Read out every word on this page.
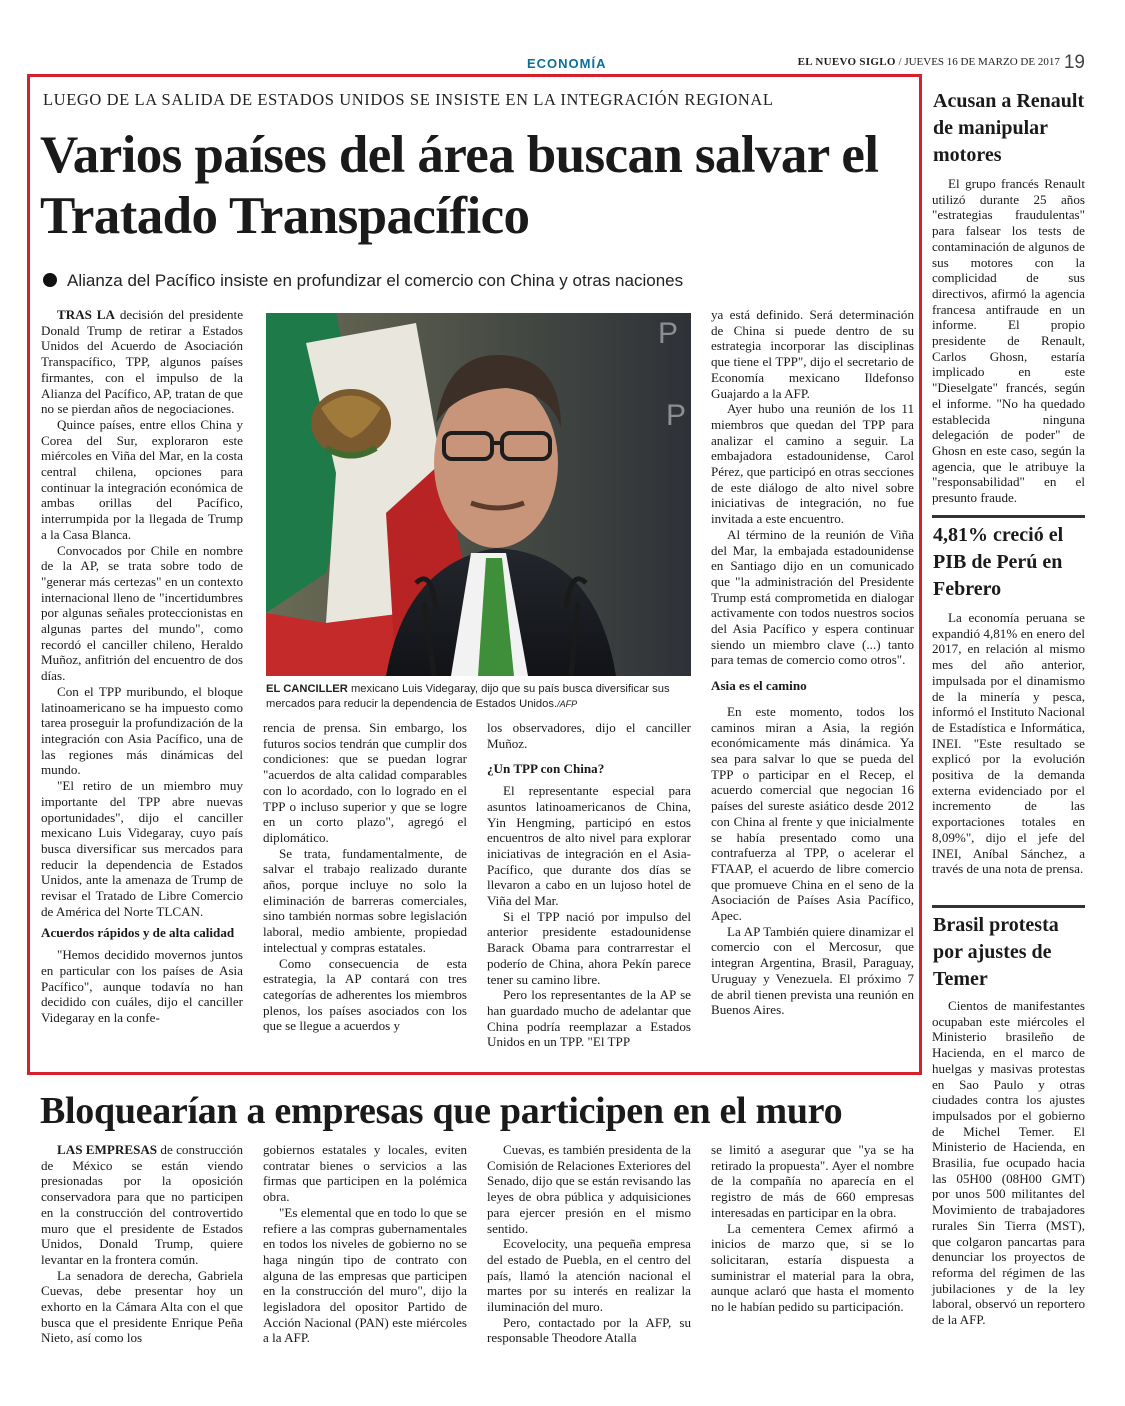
ECONOMÍA	EL NUEVO SIGLO / JUEVES 16 DE MARZO DE 2017 19
LUEGO DE LA SALIDA DE ESTADOS UNIDOS SE INSISTE EN LA INTEGRACIÓN REGIONAL
Varios países del área buscan salvar el Tratado Transpacífico
Alianza del Pacífico insiste en profundizar el comercio con China y otras naciones

TRAS LA decisión del presidente Donald Trump de retirar a Estados Unidos del Acuerdo de Asociación Transpacífico, TPP, algunos países firmantes, con el impulso de la Alianza del Pacífico, AP, tratan de que no se pierdan años de negociaciones.

Quince países, entre ellos China y Corea del Sur, exploraron este miércoles en Viña del Mar, en la costa central chilena, opciones para continuar la integración económica de ambas orillas del Pacífico, interrumpida por la llegada de Trump a la Casa Blanca.

Convocados por Chile en nombre de la AP, se trata sobre todo de "generar más certezas" en un contexto internacional lleno de "incertidumbres por algunas señales proteccionistas en algunas partes del mundo", como recordó el canciller chileno, Heraldo Muñoz, anfitrión del encuentro de dos días.

Con el TPP muribundo, el bloque latinoamericano se ha impuesto como tarea proseguir la profundización de la integración con Asia Pacífico, una de las regiones más dinámicas del mundo.

"El retiro de un miembro muy importante del TPP abre nuevas oportunidades", dijo el canciller mexicano Luis Videgaray, cuyo país busca diversificar sus mercados para reducir la dependencia de Estados Unidos, ante la amenaza de Trump de revisar el Tratado de Libre Comercio de América del Norte TLCAN.

Acuerdos rápidos y de alta calidad

"Hemos decidido movernos juntos en particular con los países de Asia Pacífico", aunque todavía no han decidido con cuáles, dijo el canciller Videgaray en la confe-

P
P
EL CANCILLER mexicano Luis Videgaray, dijo que su país busca diversificar sus mercados para reducir la dependencia de Estados Unidos./AFP

rencia de prensa. Sin embargo, los futuros socios tendrán que cumplir dos condiciones: que se puedan lograr "acuerdos de alta calidad comparables con lo acordado, con lo logrado en el TPP o incluso superior y que se logre en un corto plazo", agregó el diplomático.

Se trata, fundamentalmente, de salvar el trabajo realizado durante años, porque incluye no solo la eliminación de barreras comerciales, sino también normas sobre legislación laboral, medio ambiente, propiedad intelectual y compras estatales.

Como consecuencia de esta estrategia, la AP contará con tres categorías de adherentes los miembros plenos, los países asociados con los que se llegue a acuerdos y

los observadores, dijo el canciller Muñoz.

¿Un TPP con China?

El representante especial para asuntos latinoamericanos de China, Yin Hengming, participó en estos encuentros de alto nivel para explorar iniciativas de integración en el Asia-Pacífico, que durante dos días se llevaron a cabo en un lujoso hotel de Viña del Mar.

Si el TPP nació por impulso del anterior presidente estadounidense Barack Obama para contrarrestar el poderío de China, ahora Pekín parece tener su camino libre.

Pero los representantes de la AP se han guardado mucho de adelantar que China podría reemplazar a Estados Unidos en un TPP. "El TPP

ya está definido. Será determinación de China si puede dentro de su estrategia incorporar las disciplinas que tiene el TPP", dijo el secretario de Economía mexicano Ildefonso Guajardo a la AFP.

Ayer hubo una reunión de los 11 miembros que quedan del TPP para analizar el camino a seguir. La embajadora estadounidense, Carol Pérez, que participó en otras secciones de este diálogo de alto nivel sobre iniciativas de integración, no fue invitada a este encuentro.

Al término de la reunión de Viña del Mar, la embajada estadounidense en Santiago dijo en un comunicado que "la administración del Presidente Trump está comprometida en dialogar activamente con todos nuestros socios del Asia Pacífico y espera continuar siendo un miembro clave (...) tanto para temas de comercio como otros".

Asia es el camino

En este momento, todos los caminos miran a Asia, la región económicamente más dinámica. Ya sea para salvar lo que se pueda del TPP o participar en el Recep, el acuerdo comercial que negocian 16 países del sureste asiático desde 2012 con China al frente y que inicialmente se había presentado como una contrafuerza al TPP, o acelerar el FTAAP, el acuerdo de libre comercio que promueve China en el seno de la Asociación de Países Asia Pacífico, Apec.

La AP También quiere dinamizar el comercio con el Mercosur, que integran Argentina, Brasil, Paraguay, Uruguay y Venezuela. El próximo 7 de abril tienen prevista una reunión en Buenos Aires.

Acusan a Renault de manipular motores

El grupo francés Renault utilizó durante 25 años "estrategias fraudulentas" para falsear los tests de contaminación de algunos de sus motores con la complicidad de sus directivos, afirmó la agencia francesa antifraude en un informe. El propio presidente de Renault, Carlos Ghosn, estaría implicado en este "Dieselgate" francés, según el informe. "No ha quedado establecida ninguna delegación de poder" de Ghosn en este caso, según la agencia, que le atribuye la "responsabilidad" en el presunto fraude.

4,81% creció el PIB de Perú en Febrero

La economía peruana se expandió 4,81% en enero del 2017, en relación al mismo mes del año anterior, impulsada por el dinamismo de la minería y pesca, informó el Instituto Nacional de Estadística e Informática, INEI. "Este resultado se explicó por la evolución positiva de la demanda externa evidenciado por el incremento de las exportaciones totales en 8,09%", dijo el jefe del INEI, Aníbal Sánchez, a través de una nota de prensa.

Brasil protesta por ajustes de Temer

Cientos de manifestantes ocupaban este miércoles el Ministerio brasileño de Hacienda, en el marco de huelgas y masivas protestas en Sao Paulo y otras ciudades contra los ajustes impulsados por el gobierno de Michel Temer. El Ministerio de Hacienda, en Brasilia, fue ocupado hacia las 05H00 (08H00 GMT) por unos 500 militantes del Movimiento de trabajadores rurales Sin Tierra (MST), que colgaron pancartas para denunciar los proyectos de reforma del régimen de las jubilaciones y de la ley laboral, observó un reportero de la AFP.

Bloquearían a empresas que participen en el muro

LAS EMPRESAS de construcción de México se están viendo presionadas por la oposición conservadora para que no participen en la construcción del controvertido muro que el presidente de Estados Unidos, Donald Trump, quiere levantar en la frontera común.

La senadora de derecha, Gabriela Cuevas, debe presentar hoy un exhorto en la Cámara Alta con el que busca que el presidente Enrique Peña Nieto, así como los

gobiernos estatales y locales, eviten contratar bienes o servicios a las firmas que participen en la polémica obra.

"Es elemental que en todo lo que se refiere a las compras gubernamentales en todos los niveles de gobierno no se haga ningún tipo de contrato con alguna de las empresas que participen en la construcción del muro", dijo la legisladora del opositor Partido de Acción Nacional (PAN) este miércoles a la AFP.

Cuevas, es también presidenta de la Comisión de Relaciones Exteriores del Senado, dijo que se están revisando las leyes de obra pública y adquisiciones para ejercer presión en el mismo sentido.

Ecovelocity, una pequeña empresa del estado de Puebla, en el centro del país, llamó la atención nacional el martes por su interés en realizar la iluminación del muro.

Pero, contactado por la AFP, su responsable Theodore Atalla

se limitó a asegurar que "ya se ha retirado la propuesta". Ayer el nombre de la compañía no aparecía en el registro de más de 660 empresas interesadas en participar en la obra.

La cementera Cemex afirmó a inicios de marzo que, si se lo solicitaran, estaría dispuesta a suministrar el material para la obra, aunque aclaró que hasta el momento no le habían pedido su participación.
